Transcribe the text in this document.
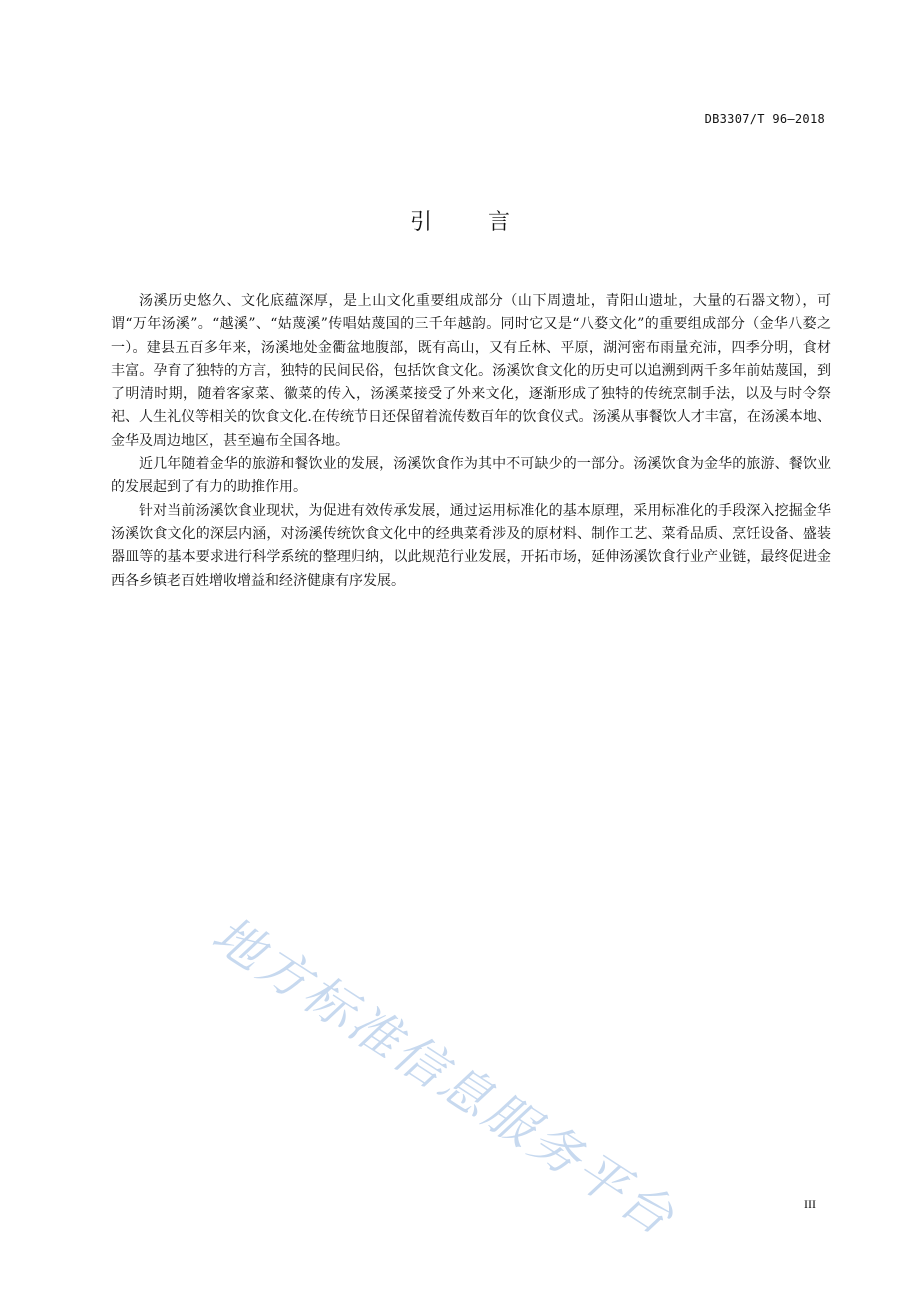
DB3307/T 96—2018
引言

汤溪历史悠久、文化底蕴深厚，是上山文化重要组成部分（山下周遗址，青阳山遗址，大量的石器文物），可谓“万年汤溪”。“越溪”、“姑蔑溪”传唱姑蔑国的三千年越韵。同时它又是“八婺文化”的重要组成部分（金华八婺之一）。建县五百多年来，汤溪地处金衢盆地腹部，既有高山，又有丘林、平原，湖河密布雨量充沛，四季分明，食材丰富。孕育了独特的方言，独特的民间民俗，包括饮食文化。汤溪饮食文化的历史可以追溯到两千多年前姑蔑国，到了明清时期，随着客家菜、徽菜的传入，汤溪菜接受了外来文化，逐渐形成了独特的传统烹制手法，以及与时令祭祀、人生礼仪等相关的饮食文化.在传统节日还保留着流传数百年的饮食仪式。汤溪从事餐饮人才丰富，在汤溪本地、金华及周边地区，甚至遍布全国各地。

近几年随着金华的旅游和餐饮业的发展，汤溪饮食作为其中不可缺少的一部分。汤溪饮食为金华的旅游、餐饮业的发展起到了有力的助推作用。

针对当前汤溪饮食业现状，为促进有效传承发展，通过运用标准化的基本原理，采用标准化的手段深入挖掘金华汤溪饮食文化的深层内涵，对汤溪传统饮食文化中的经典菜肴涉及的原材料、制作工艺、菜肴品质、烹饪设备、盛装器皿等的基本要求进行科学系统的整理归纳，以此规范行业发展，开拓市场，延伸汤溪饮食行业产业链，最终促进金西各乡镇老百姓增收增益和经济健康有序发展。

地方标准信息服务平台	III
